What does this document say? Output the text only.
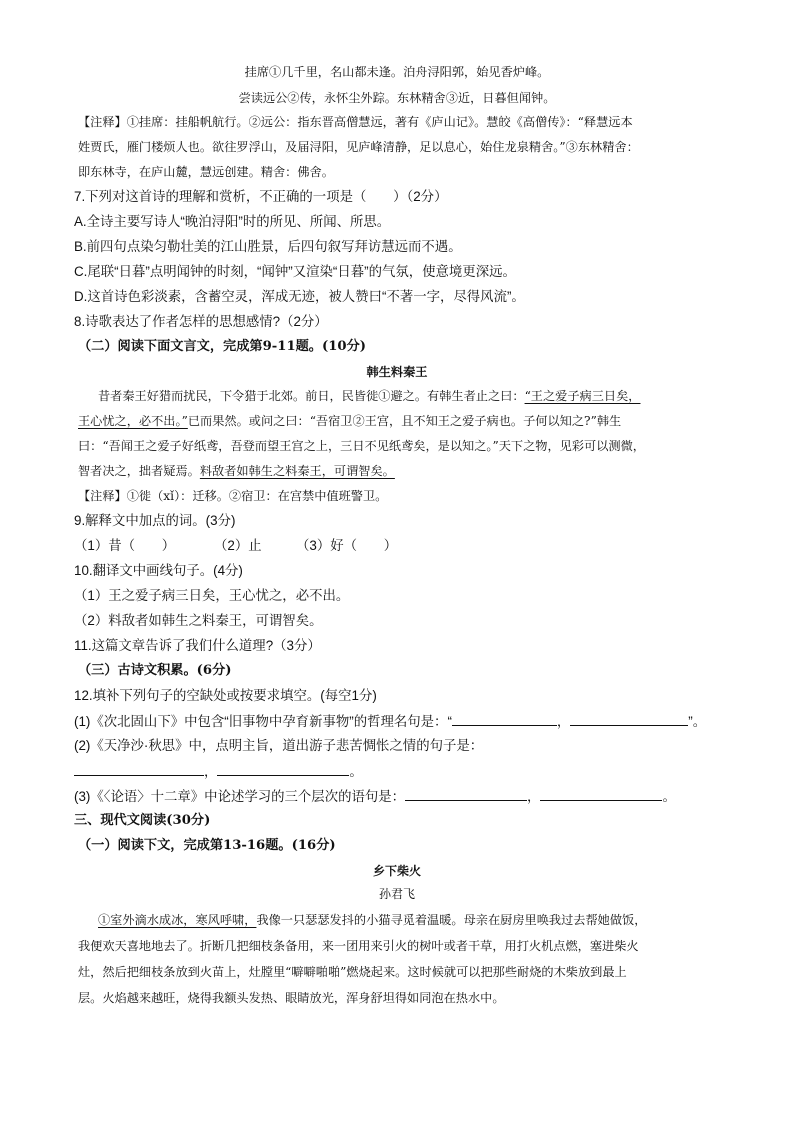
挂席①几千里，名山都未逢。泊舟浔阳郭，始见香炉峰。
尝读远公②传，永怀尘外踪。东林精舍③近，日暮但闻钟。
【注释】①挂席：挂船帆航行。②远公：指东晋高僧慧远，著有《庐山记》。慧皎《高僧传》：“释慧远本
姓贾氏，雁门楼烦人也。欲往罗浮山，及届浔阳，见庐峰清静，足以息心，始住龙泉精舍。”③东林精舍：
即东林寺，在庐山麓，慧远创建。精舍：佛舍。
7.下列对这首诗的理解和赏析，不正确的一项是（　　）（2分）
A.全诗主要写诗人“晚泊浔阳”时的所见、所闻、所思。
B.前四句点染匀勒壮美的江山胜景，后四句叙写拜访慧远而不遇。
C.尾联“日暮”点明闻钟的时刻，“闻钟”又渲染“日暮”的气氛，使意境更深远。
D.这首诗色彩淡素，含蓄空灵，浑成无迹，被人赞曰“不著一字，尽得风流”。
8.诗歌表达了作者怎样的思想感情?（2分）
（二）阅读下面文言文，完成第9-11题。(10分)
韩生料秦王
昔者秦王好猎而扰民，下令猎于北郊。前日，民皆徙①避之。有韩生者止之曰：“王之爱子病三日矣，
王心忧之，必不出。”已而果然。或问之曰：“吾宿卫②王宫，且不知王之爱子病也。子何以知之?”韩生
曰：“吾闻王之爱子好纸鸢，吾登而望王宫之上，三日不见纸鸢矣，是以知之。”天下之物，见彩可以测微，
智者决之，拙者疑焉。料敌者如韩生之料秦王，可谓智矣。
【注释】①徙（xǐ）：迁移。②宿卫：在宫禁中值班警卫。
9.解释文中加点的词。(3分)
（1）昔（　　）	（2）止	（3）好（　　）
10.翻译文中画线句子。(4分)
（1）王之爱子病三日矣，王心忧之，必不出。
（2）料敌者如韩生之料秦王，可谓智矣。
11.这篇文章告诉了我们什么道理?（3分）
（三）古诗文积累。(6分)
12.填补下列句子的空缺处或按要求填空。(每空1分)
(1)《次北固山下》中包含“旧事物中孕育新事物”的哲理名句是：“	，	”。
(2)《天净沙·秋思》中，点明主旨，道出游子悲苦惆怅之情的句子是：
，	。
(3)《〈论语〉十二章》中论述学习的三个层次的语句是：	，	。
三、现代文阅读(30分)
（一）阅读下文，完成第13-16题。(16分)
乡下柴火
孙君飞
①室外滴水成冰，寒风呼啸，我像一只瑟瑟发抖的小猫寻觅着温暖。母亲在厨房里唤我过去帮她做饭，
我便欢天喜地地去了。折断几把细枝条备用，来一团用来引火的树叶或者干草，用打火机点燃，塞进柴火
灶，然后把细枝条放到火苗上，灶膛里“噼噼啪啪”燃烧起来。这时候就可以把那些耐烧的木柴放到最上
层。火焰越来越旺，烧得我额头发热、眼睛放光，浑身舒坦得如同泡在热水中。
